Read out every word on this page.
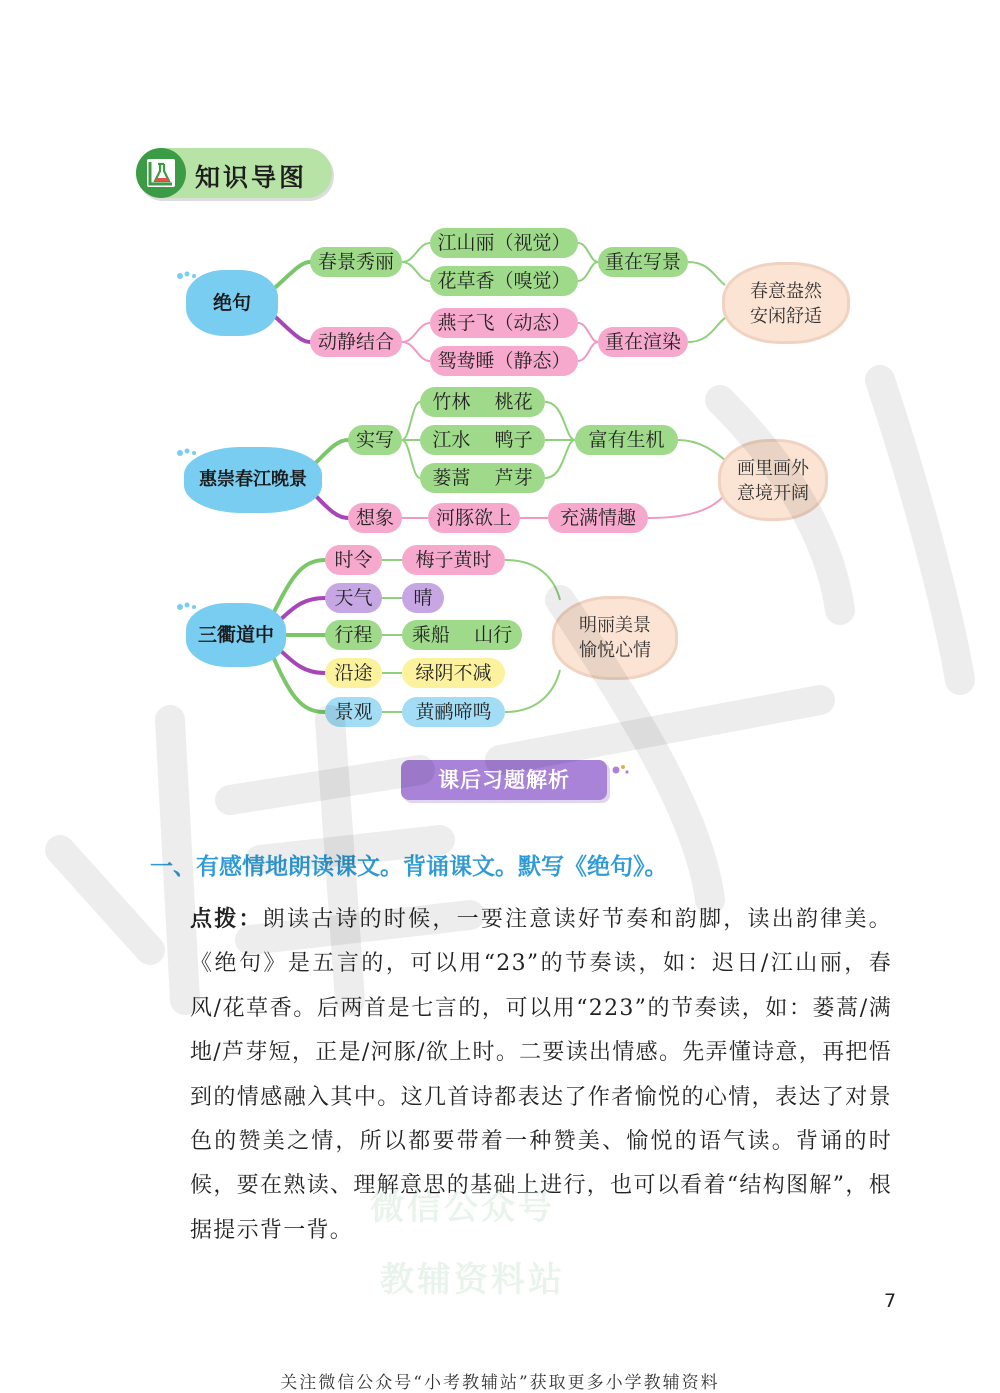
知识导图
绝句
春景秀丽
动静结合
江山丽（视觉）
花草香（嗅觉）
燕子飞（动态）
鸳鸯睡（静态）
重在写景
重在渲染
春意盎然
安闲舒适
惠崇春江晚景
实写
想象
竹林    桃花
江水    鸭子
蒌蒿    芦芽
河豚欲上
富有生机
充满情趣
画里画外
意境开阔
三衢道中
时令
天气
行程
沿途
景观
梅子黄时
晴
乘船    山行
绿阴不减
黄鹂啼鸣
明丽美景
愉悦心情
课后习题解析
一、有感情地朗读课文。背诵课文。默写《绝句》。
点拨：朗读古诗的时候，一要注意读好节奏和韵脚，读出韵律美。《绝句》是五言的，可以用“23”的节奏读，如：迟日/江山丽，春风/花草香。后两首是七言的，可以用“223”的节奏读，如：蒌蒿/满地/芦芽短，正是/河豚/欲上时。二要读出情感。先弄懂诗意，再把悟到的情感融入其中。这几首诗都表达了作者愉悦的心情，表达了对景色的赞美之情，所以都要带着一种赞美、愉悦的语气读。背诵的时候，要在熟读、理解意思的基础上进行，也可以看着“结构图解”，根据提示背一背。
7
关注微信公众号“小考教辅站”获取更多小学教辅资料
微信公众号
教辅资料站
